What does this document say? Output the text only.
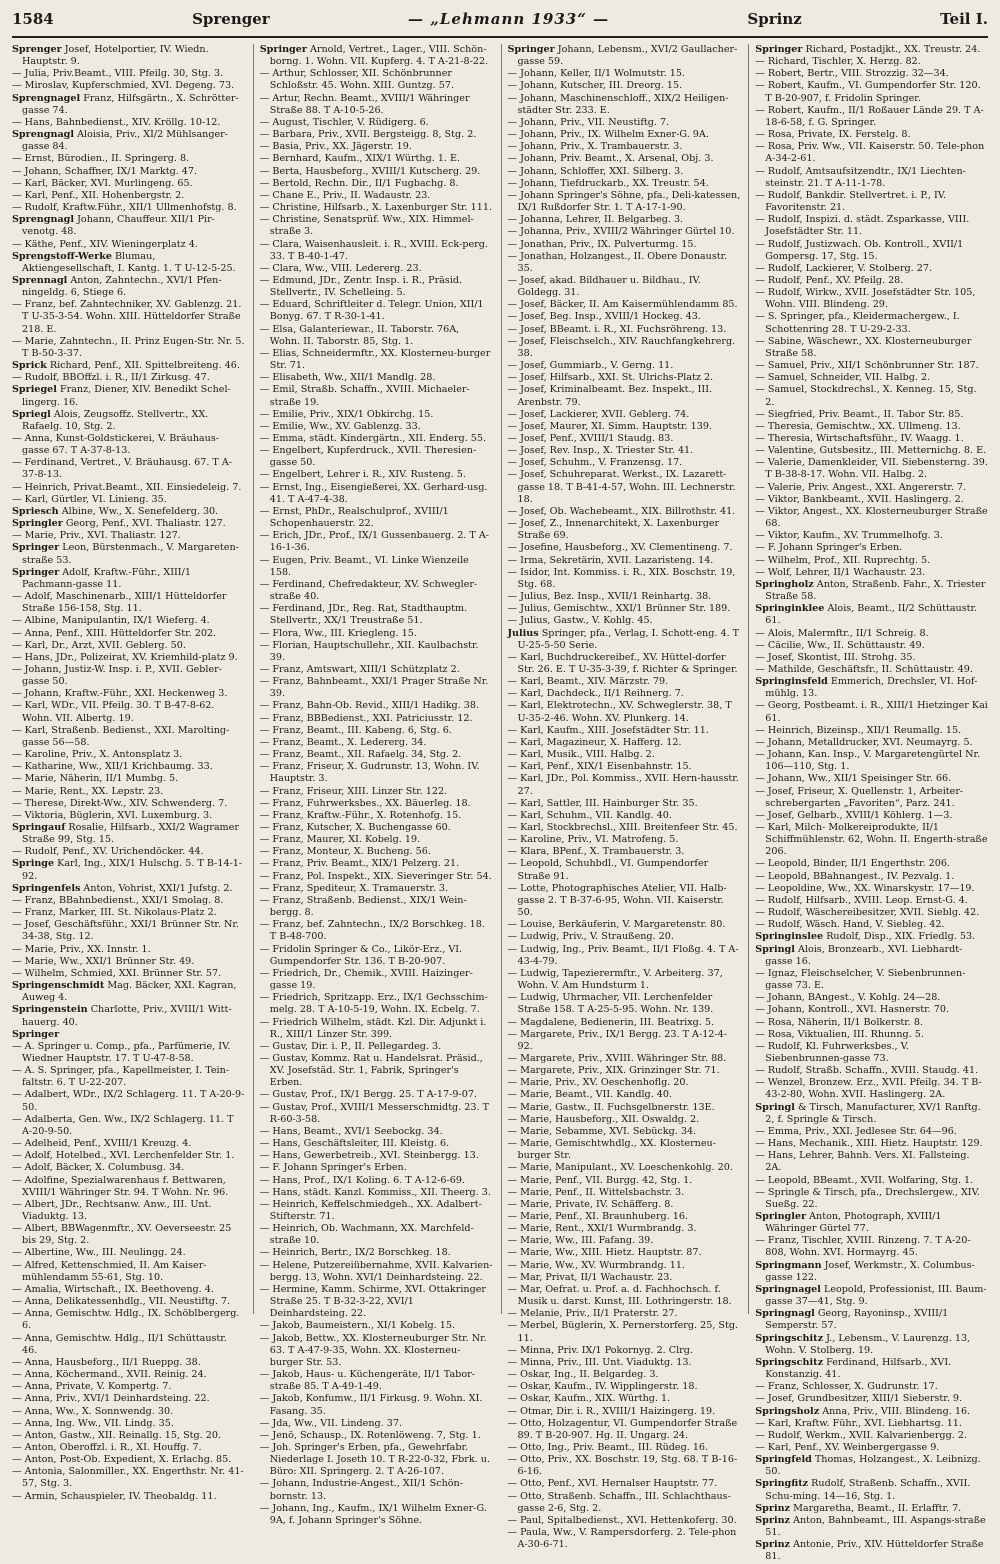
1584	Sprenger	— „Lehmann 1933“ —	Sprinz	Teil I.

Sprenger Josef, Hotelportier, IV. Wiedn. Hauptstr. 9.

— Julia, Priv.Beamt., VIII. Pfeilg. 30, Stg. 3.

— Miroslav, Kupferschmied, XVI. Degeng. 73.

Sprengnagel Franz, Hilfsgärtn., X. Schrötter-gasse 74.

— Hans, Bahnbedienst., XIV. Kröllg. 10-12.

Sprengnagl Aloisia, Priv., XI/2 Mühlsanger-gasse 84.

— Ernst, Bürodien., II. Springerg. 8.

— Johann, Schaffner, IX/1 Marktg. 47.

— Karl, Bäcker, XVI. Murlingeng. 65.

— Karl, Penf., XII. Hohenbergstr. 2.

— Rudolf, Kraftw.Führ., XII/1 Ullmenhofstg. 8.

Sprengnagl Johann, Chauffeur. XII/1 Pir-venotg. 48.

— Käthe, Penf., XIV. Wieningerplatz 4.

Sprengstoff-Werke Blumau, Aktiengesellschaft, I. Kantg. 1. T U-12-5-25.

Sprennagl Anton, Zahntechn., XVI/1 Pfen-ningeldg. 6, Stiege 6.

— Franz, bef. Zahntechniker, XV. Gablenzg. 21. T U-35-3-54. Wohn. XIII. Hütteldorfer Straße 218. E.

— Marie, Zahntechn., II. Prinz Eugen-Str. Nr. 5. T B-50-3-37.

Sprick Richard, Penf., XII. Spittelbreiteng. 46.

— Rudolf, BBOffzl. i. R., II/1 Zirkusg. 47.

Spriegel Franz, Diener, XIV. Benedikt Schel-lingerg. 16.

Spriegl Alois, Zeugsoffz. Stellvertr., XX. Rafaelg. 10, Stg. 2.

— Anna, Kunst-Goldstickerei, V. Bräuhaus-gasse 67. T A-37-8-13.

— Ferdinand, Vertret., V. Bräuhausg. 67. T A-37-8-13.

— Heinrich, Privat.Beamt., XII. Einsiedeleig. 7.

— Karl, Gürtler, VI. Linieng. 35.

Spriesch Albine, Ww., X. Senefelderg. 30.

Springler Georg, Penf., XVI. Thaliastr. 127.

— Marie, Priv., XVI. Thaliastr. 127.

Springer Leon, Bürstenmach., V. Margareten-straße 53.

Springer Adolf, Kraftw.-Führ., XIII/1 Pachmann-gasse 11.

— Adolf, Maschinenarb., XIII/1 Hütteldorfer Straße 156-158, Stg. 11.

— Albine, Manipulantin, IX/1 Wieferg. 4.

— Anna, Penf., XIII. Hütteldorfer Str. 202.

— Karl, Dr., Arzt, XVII. Geblerg. 50.

— Hans, JDr., Polizeirat, XV. Kriemhild-platz 9.

— Johann, Justiz-W. Insp. i. P., XVII. Gebler-gasse 50.

— Johann, Kraftw.-Führ., XXI. Heckenweg 3.

— Karl, WDr., VII. Pfeilg. 30. T B-47-8-62. Wohn. VII. Albertg. 19.

— Karl, Straßenb. Bedienst., XXI. Marolting-gasse 56—58.

— Karoline, Priv., X. Antonsplatz 3.

— Katharine, Ww., XII/1 Krichbaumg. 33.

— Marie, Näherin, II/1 Mumbg. 5.

— Marie, Rent., XX. Lepstr. 23.

— Therese, Direkt-Ww., XIV. Schwenderg. 7.

— Viktoria, Büglerin, XVI. Luxemburg. 3.

Springauf Rosalie, Hilfsarb., XXI/2 Wagramer Straße 99, Stg. 15.

— Rudolf, Penf., XV. Urichendöcker. 44.

Springe Karl, Ing., XIX/1 Hulschg. 5. T B-14-1-92.

Springenfels Anton, Vohrist, XXI/1 Jufstg. 2.

— Franz, BBahnbedienst., XXI/1 Smolag. 8.

— Franz, Marker, III. St. Nikolaus-Platz 2.

— Josef, Geschäftsführ., XXI/1 Brünner Str. Nr. 34-38, Stg. 12.

— Marie, Priv., XX. Innstr. 1.

— Marie, Ww., XXI/1 Brünner Str. 49.

— Wilhelm, Schmied, XXI. Brünner Str. 57.

Springenschmidt Mag. Bäcker, XXI. Kagran, Auweg 4.

Springenstein Charlotte, Priv., XVIII/1 Witt-hauerg. 40.

Springer

— A. Springer u. Comp., pfa., Parfümerie, IV. Wiedner Hauptstr. 17. T U-47-8-58.

— A. S. Springer, pfa., Kapellmeister, I. Tein-faltstr. 6. T U-22-207.

— Adalbert, WDr., IX/2 Schlagerg. 11. T A-20-9-50.

— Adalberta, Gen. Ww., IX/2 Schlagerg. 11. T A-20-9-50.

— Adelheid, Penf., XVIII/1 Kreuzg. 4.

— Adolf, Hotelbed., XVI. Lerchenfelder Str. 1.

— Adolf, Bäcker, X. Columbusg. 34.

— Adolfine, Spezialwarenhaus f. Bettwaren, XVIII/1 Währinger Str. 94. T Wohn. Nr. 96.

— Albert, JDr., Rechtsanw. Anw., III. Unt. Viaduktg. 13.

— Albert, BBWagenmftr., XV. Oeverseestr. 25 bis 29, Stg. 2.

— Albertine, Ww., III. Neulingg. 24.

— Alfred, Kettenschmied, II. Am Kaiser-mühlendamm 55-61, Stg. 10.

— Amalia, Wirtschaft., IX. Beethoveng. 4.

— Anna, Delikatessenhdlg., VII. Neustiftg. 7.

— Anna, Gemischtw. Hdlg., IX. Schöblbergerg. 6.

— Anna, Gemischtw. Hdlg., II/1 Schüttaustr. 46.

— Anna, Hausbeforg., II/1 Rueppg. 38.

— Anna, Köchermand., XVII. Reinig. 24.

— Anna, Private, V. Kompertg. 7.

— Anna, Priv., XVI/1 Deinhardsteing. 22.

— Anna, Ww., X. Sonnwendg. 30.

— Anna, Ing. Ww., VII. Lindg. 35.

— Anton, Gastw., XII. Reinallg. 15, Stg. 20.

— Anton, Oberoffzl. i. R., XI. Houffg. 7.

— Anton, Post-Ob. Expedient, X. Erlachg. 85.

— Antonia, Salonmiller., XX. Engerthstr. Nr. 41-57, Stg. 3.

— Armin, Schauspieler, IV. Theobaldg. 11.

Springer Arnold, Vertret., Lager., VIII. Schön-borng. 1. Wohn. VII. Kupferg. 4. T A-21-8-22.

— Arthur, Schlosser, XII. Schönbrunner Schloßstr. 45. Wohn. XIII. Guntzg. 57.

— Artur, Rechn. Beamt., XVIII/1 Währinger Straße 88. T A-10-5-26.

— August, Tischler, V. Rüdigerg. 6.

— Barbara, Priv., XVII. Bergsteigg. 8, Stg. 2.

— Basia, Priv., XX. Jägerstr. 19.

— Bernhard, Kaufm., XIX/1 Würthg. 1. E.

— Berta, Hausbeforg., XVIII/1 Kutscherg. 29.

— Bertold, Rechn. Dir., II/1 Fugbachg. 8.

— Chane E., Priv., II. Wadaustr. 23.

— Christine, Hilfsarb., X. Laxenburger Str. 111.

— Christine, Senatsprüf. Ww., XIX. Himmel-straße 3.

— Clara, Waisenhausleit. i. R., XVIII. Eck-perg. 33. T B-40-1-47.

— Clara, Ww., VIII. Ledererg. 23.

— Edmund, JDr., Zentr. Insp. i. R., Präsid. Stellvertr., IV. Schelleing. 5.

— Eduard, Schriftleiter d. Telegr. Union, XII/1 Bonyg. 67. T R-30-1-41.

— Elsa, Galanteriewar., II. Taborstr. 76A, Wohn. II. Taborstr. 85, Stg. 1.

— Elias, Schneidermftr., XX. Klosterneu-burger Str. 71.

— Elisabeth, Ww., XII/1 Mandlg. 28.

— Emil, Straßb. Schaffn., XVIII. Michaeler-straße 19.

— Emilie, Priv., XIX/1 Obkirchg. 15.

— Emilie, Ww., XV. Gablenzg. 33.

— Emma, städt. Kindergärtn., XII. Enderg. 55.

— Engelbert, Kupferdruck., XVII. Theresien-gasse 50.

— Engelbert, Lehrer i. R., XIV. Rusteng. 5.

— Ernst, Ing., Eisengießerei, XX. Gerhard-usg. 41. T A-47-4-38.

— Ernst, PhDr., Realschulprof., XVIII/1 Schopenhauerstr. 22.

— Erich, JDr., Prof., IX/1 Gussenbauerg. 2. T A-16-1-36.

— Eugen, Priv. Beamt., VI. Linke Wienzeile 158.

— Ferdinand, Chefredakteur, XV. Schwegler-straße 40.

— Ferdinand, JDr., Reg. Rat, Stadthauptm. Stellvertr., XX/1 Treustraße 51.

— Flora, Ww., III. Kriegleng. 15.

— Florian, Hauptschullehr., XII. Kaulbachstr. 39.

— Franz, Amtswart, XIII/1 Schützplatz 2.

— Franz, Bahnbeamt., XXI/1 Prager Straße Nr. 39.

— Franz, Bahn-Ob. Revid., XIII/1 Hadikg. 38.

— Franz, BBBedienst., XXI. Patriciusstr. 12.

— Franz, Beamt., III. Kabeng. 6, Stg. 6.

— Franz, Beamt., X. Ledererg. 34.

— Franz, Beamt., XII. Rafaelg. 34, Stg. 2.

— Franz, Friseur, X. Gudrunstr. 13, Wohn. IV. Hauptstr. 3.

— Franz, Friseur, XIII. Linzer Str. 122.

— Franz, Fuhrwerksbes., XX. Bäuerleg. 18.

— Franz, Kraftw.-Führ., X. Rotenhofg. 15.

— Franz, Kutscher, X. Buchengasse 60.

— Franz, Maurer, XI. Kobelg. 19.

— Franz, Monteur, X. Bucheng. 56.

— Franz, Priv. Beamt., XIX/1 Pelzerg. 21.

— Franz, Pol. Inspekt., XIX. Sieveringer Str. 54.

— Franz, Spediteur, X. Tramauerstr. 3.

— Franz, Straßenb. Bedienst., XIX/1 Wein-bergg. 8.

— Franz, bef. Zahntechn., IX/2 Borschkeg. 18. T B-48-700.

— Fridolin Springer & Co., Likör-Erz., VI. Gumpendorfer Str. 136. T B-20-907.

— Friedrich, Dr., Chemik., XVIII. Haizinger-gasse 19.

— Friedrich, Spritzapp. Erz., IX/1 Gechsschim-melg. 28. T A-10-5-19, Wohn. IX. Ecbelg. 7.

— Friedrich Wilhelm, städt. Kzl. Dir. Adjunkt i. R., XIII/1 Linzer Str. 399.

— Gustav, Dir. i. P., II. Pellegardeg. 3.

— Gustav, Kommz. Rat u. Handelsrat. Präsid., XV. Josefstäd. Str. 1, Fabrik, Springer's Erben.

— Gustav, Prof., IX/1 Bergg. 25. T A-17-9-07.

— Gustav, Prof., XVIII/1 Messerschmidtg. 23. T R-60-3-58.

— Hans, Beamt., XVI/1 Seebockg. 34.

— Hans, Geschäftsleiter, III. Kleistg. 6.

— Hans, Gewerbetreib., XVI. Steinbergg. 13.

— F. Johann Springer's Erben.

— Hans, Prof., IX/1 Koling. 6. T A-12-6-69.

— Hans, städt. Kanzl. Kommiss., XII. Theerg. 3.

— Heinrich, Keffelschmiedgeh., XX. Adalbert-Stifterstr. 71.

— Heinrich, Ob. Wachmann, XX. Marchfeld-straße 10.

— Heinrich, Bertr., IX/2 Borschkeg. 18.

— Helene, Putzereiübernahme, XVII. Kalvarien-bergg. 13, Wohn. XVI/1 Deinhardsteing. 22.

— Hermine, Kamm. Schirme, XVI. Ottakringer Straße 25. T B-32-3-22, XVI/1 Deinhardsteing. 22.

— Jakob, Baumeistern., XI/1 Kobelg. 15.

— Jakob, Bettw., XX. Klosterneuburger Str. Nr. 63. T A-47-9-35, Wohn. XX. Klosterneu-burger Str. 53.

— Jakob, Haus- u. Küchengeräte, II/1 Tabor-straße 85. T A-49-1-49.

— Jakob, Konfumw., II/1 Firkusg. 9. Wohn. XI. Fasang. 35.

— Jda, Ww., VII. Lindeng. 37.

— Jenö, Schausp., IX. Rotenlöweng. 7, Stg. 1.

— Joh. Springer's Erben, pfa., Gewehrfabr. Niederlage I. Joseth 10. T R-22-0-32, Fbrk. u. Büro: XII. Springerg. 2. T A-26-107.

— Johann, Industrie-Angest., XII/1 Schön-bornstr. 13.

— Johann, Ing., Kaufm., IX/1 Wilhelm Exner-G. 9A, f. Johann Springer's Söhne.

Springer Johann, Lebensm., XVI/2 Gaullacher-gasse 59.

— Johann, Keller, II/1 Wolmutstr. 15.

— Johann, Kutscher, III. Dreorg. 15.

— Johann, Maschinenschloff., XIX/2 Heiligen-städter Str. 233. E.

— Johann, Priv., VII. Neustiftg. 7.

— Johann, Priv., IX. Wilhelm Exner-G. 9A.

— Johann, Priv., X. Trambauerstr. 3.

— Johann, Priv. Beamt., X. Arsenal, Obj. 3.

— Johann, Schloffer, XXI. Silberg. 3.

— Johann, Tiefdruckarb., XX. Treustr. 54.

— Johann Springer's Söhne, pfa., Deli-katessen, IX/1 Rußdorfer Str. 1. T A-17-1-90.

— Johanna, Lehrer, II. Belgarbeg. 3.

— Johanna, Priv., XVIII/2 Währinger Gürtel 10.

— Jonathan, Priv., IX. Pulverturmg. 15.

— Jonathan, Holzangest., II. Obere Donaustr. 35.

— Josef, akad. Bildhauer u. Bildhau., IV. Goldegg. 31.

— Josef, Bäcker, II. Am Kaisermühlendamm 85.

— Josef, Beg. Insp., XVIII/1 Hockeg. 43.

— Josef, BBeamt. i. R., XI. Fuchsröhreng. 13.

— Josef, Fleischselch., XIV. Rauchfangkehrerg. 38.

— Josef, Gummiarb., V. Gerng. 11.

— Josef, Hilfsarb., XXI. St. Ulrichs-Platz 2.

— Josef, Kriminalbeamt. Bez. Inspekt., III. Arenbstr. 79.

— Josef, Lackierer, XVII. Geblerg. 74.

— Josef, Maurer, XI. Simm. Hauptstr. 139.

— Josef, Penf., XVIII/1 Staudg. 83.

— Josef, Rev. Insp., X. Triester Str. 41.

— Josef, Schuhm., V. Franzensg. 17.

— Josef, Schuhreparat. Werkst., IX. Lazarett-gasse 18. T B-41-4-57, Wohn. III. Lechnerstr. 18.

— Josef, Ob. Wachebeamt., XIX. Billrothstr. 41.

— Josef, Z., Innenarchitekt, X. Laxenburger Straße 69.

— Josefine, Hausbeforg., XV. Clementineng. 7.

— Irma, Sekretärin, XVII. Lazaristeng. 14.

— Isidor, Int. Kommiss. i. R., XIX. Boschstr. 19, Stg. 68.

— Julius, Bez. Insp., XVII/1 Reinhartg. 38.

— Julius, Gemischtw., XXI/1 Brünner Str. 189.

— Julius, Gastw., V. Kohlg. 45.

Julius Springer, pfa., Verlag, I. Schott-eng. 4. T U-25-5-50 Serie.

— Karl, Buchdruckereibef., XV. Hüttel-dorfer Str. 26. E. T U-35-3-39, f. Richter & Springer.

— Karl, Beamt., XIV. Märzstr. 79.

— Karl, Dachdeck., II/1 Reihnerg. 7.

— Karl, Elektrotechn., XV. Schweglerstr. 38, T U-35-2-46. Wohn. XV. Plunkerg. 14.

— Karl, Kaufm., XIII. Josefstädter Str. 11.

— Karl, Magazineur, X. Hafferg. 12.

— Karl, Musik., VIII. Halbg. 2.

— Karl, Penf., XIX/1 Eisenbahnstr. 15.

— Karl, JDr., Pol. Kommiss., XVII. Hern-hausstr. 27.

— Karl, Sattler, III. Hainburger Str. 35.

— Karl, Schuhm., VII. Kandlg. 40.

— Karl, Stockbrechsl., XIII. Breitenfeer Str. 45.

— Karoline, Priv., VI. Matrofeng. 5.

— Klara, BPenf., X. Trambauerstr. 3.

— Leopold, Schuhbdl., VI. Gumpendorfer Straße 91.

— Lotte, Photographisches Atelier, VII. Halb-gasse 2. T B-37-6-95, Wohn. VII. Kaiserstr. 50.

— Louise, Berkäuferin, V. Margaretenstr. 80.

— Ludwig, Priv., V. Straußeng. 20.

— Ludwig, Ing., Priv. Beamt., II/1 Floßg. 4. T A-43-4-79.

— Ludwig, Tapezierermftr., V. Arbeiterg. 37, Wohn. V. Am Hundsturm 1.

— Ludwig, Uhrmacher, VII. Lerchenfelder Straße 158. T A-25-5-95. Wohn. Nr. 139.

— Magdalene, Bedienerin, III. Beatrixg. 5.

— Margarete, Priv., IX/1 Bergg. 23. T A-12-4-92.

— Margarete, Priv., XVIII. Währinger Str. 88.

— Margarete, Priv., XIX. Grinzinger Str. 71.

— Marie, Priv., XV. Oeschenhoflg. 20.

— Marie, Beamt., VII. Kandlg. 40.

— Marie, Gastw., II. Fuchsgelbnerstr. 13E.

— Marie, Hausbeforg., XII. Oswaldg. 2.

— Marie, Sebamme, XVI. Sebückg. 34.

— Marie, Gemischtwhdlg., XX. Klosterneu-burger Str.

— Marie, Manipulant., XV. Loeschenkohlg. 20.

— Marie, Penf., VII. Burgg. 42, Stg. 1.

— Marie, Penf., II. Wittelsbachstr. 3.

— Marie, Private, IV. Schäfferg. 8.

— Marie, Penf., XI. Braunhuberg. 16.

— Marie, Rent., XXI/1 Wurmbrandg. 3.

— Marie, Ww., III. Fafang. 39.

— Marie, Ww., XIII. Hietz. Hauptstr. 87.

— Marie, Ww., XV. Wurmbrandg. 11.

— Mar, Privat, II/1 Wachaustr. 23.

— Mar, Oefrat. u. Prof. a. d. Fachhochsch. f. Musik u. darst. Kunst, III. Lothringerstr. 18.

— Melanie, Priv., II/1 Praterstr. 27.

— Merbel, Büglerin, X. Pernerstorferg. 25, Stg. 11.

— Minna, Priv. IX/1 Pokornyg. 2. Clrg.

— Minna, Priv., III. Unt. Viaduktg. 13.

— Oskar, Ing., II. Belgardeg. 3.

— Oskar, Kaufm., IV. Wipplingerstr. 18.

— Oskar, Kaufm., XIX. Würthg. 1.

— Otmar, Dir. i. R., XVIII/1 Haizingerg. 19.

— Otto, Holzagentur, VI. Gumpendorfer Straße 89. T B-20-907. Hg. II. Ungarg. 24.

— Otto, Ing., Priv. Beamt., III. Rüdeg. 16.

— Otto, Priv., XX. Boschstr. 19, Stg. 68. T B-16-6-16.

— Otto, Penf., XVI. Hernalser Hauptstr. 77.

— Otto, Straßenb. Schaffn., III. Schlachthaus-gasse 2-6, Stg. 2.

— Paul, Spitalbedienst., XVI. Hettenkoferg. 30.

— Paula, Ww., V. Rampersdorferg. 2. Tele-phon A-30-6-71.

Springer Richard, Postadjkt., XX. Treustr. 24.

— Richard, Tischler, X. Herzg. 82.

— Robert, Bertr., VIII. Strozzig. 32—34.

— Robert, Kaufm., VI. Gumpendorfer Str. 120. T B-20-907, f. Fridolin Springer.

— Robert, Kaufm., II/1 Roßauer Lände 29. T A-18-6-58, f. G. Springer.

— Rosa, Private, IX. Ferstelg. 8.

— Rosa, Priv. Ww., VII. Kaiserstr. 50. Tele-phon A-34-2-61.

— Rudolf, Amtsaufsitzendtr., IX/1 Liechten-steinstr. 21. T A-11-1-78.

— Rudolf, Bankdir. Stellvertret. i. P., IV. Favoritenstr. 21.

— Rudolf, Inspizi. d. städt. Zsparkasse, VIII. Josefstädter Str. 11.

— Rudolf, Justizwach. Ob. Kontroll., XVII/1 Gompersg. 17, Stg. 15.

— Rudolf, Lackierer, V. Stolberg. 27.

— Rudolf, Penf., XV. Pfeilg. 28.

— Rudolf, Wirkw., XVII. Josefstädter Str. 105, Wohn. VIII. Blindeng. 29.

— S. Springer, pfa., Kleidermachergew., I. Schottenring 28. T U-29-2-33.

— Sabine, Wäschewr., XX. Klosterneuburger Straße 58.

— Samuel, Priv., XII/1 Schönbrunner Str. 187.

— Samuel, Schneider, VII. Halbg. 2.

— Samuel, Stockdrechsl., X. Kenneg. 15, Stg. 2.

— Siegfried, Priv. Beamt., II. Tabor Str. 85.

— Theresia, Gemischtw., XX. Ullmeng. 13.

— Theresia, Wirtschaftsführ., IV. Waagg. 1.

— Valentine, Gutsbesitz., III. Metternichg. 8. E.

— Valerie, Damenkleider, VII. Siebensterng. 39. T B-38-8-17. Wohn. VII. Halbg. 2.

— Valerie, Priv. Angest., XXI. Angererstr. 7.

— Viktor, Bankbeamt., XVII. Haslingerg. 2.

— Viktor, Angest., XX. Klosterneuburger Straße 68.

— Viktor, Kaufm., XV. Trummelhofg. 3.

— F. Johann Springer's Erben.

— Wilhelm, Prof., XII. Ruprechtg. 5.

— Wolf, Lehrer, II/1 Wachaustr. 23.

Springholz Anton, Straßenb. Fahr., X. Triester Straße 58.

Springinklee Alois, Beamt., II/2 Schüttaustr. 61.

— Alois, Malermftr., II/1 Schreig. 8.

— Cäcilie, Ww., II. Schüttaustr. 49.

— Josef, Skontist, III. Strohg. 35.

— Mathilde, Geschäftsfr., II. Schüttaustr. 49.

Springinsfeld Emmerich, Drechsler, VI. Hof-mühlg. 13.

— Georg, Postbeamt. i. R., XIII/1 Hietzinger Kai 61.

— Heinrich, Bizeinsp., XII/1 Reumallg. 15.

— Johann, Metalldrucker, XVI. Neumayrg. 5.

— Johann, Kan. Insp., V. Margaretengürtel Nr. 106—110, Stg. 1.

— Johann, Ww., XII/1 Speisinger Str. 66.

— Josef, Friseur, X. Quellenstr. 1, Arbeiter-schrebergarten „Favoriten“, Parz. 241.

— Josef, Gelbarb., XVIII/1 Köhlerg. 1—3.

— Karl, Milch- Molkereiprodukte, II/1 Schiffmühlenstr. 62, Wohn. II. Engerth-straße 206.

— Leopold, Binder, II/1 Engerthstr. 206.

— Leopold, BBahnangest., IV. Pezvalg. 1.

— Leopoldine, Ww., XX. Winarskystr. 17—19.

— Rudolf, Hilfsarb., XVIII. Leop. Ernst-G. 4.

— Rudolf, Wäschereibesitzer, XVII. Sieblg. 42.

— Rudolf, Wäsch. Hand, V. Siebleg. 42.

Springinslee Rudolf, Disp., XIX. Friedlg. 53.

Springl Alois, Bronzearb., XVI. Liebhardt-gasse 16.

— Ignaz, Fleischselcher, V. Siebenbrunnen-gasse 73. E.

— Johann, BAngest., V. Kohlg. 24—28.

— Johann, Kontroll., XVI. Hasnerstr. 70.

— Rosa, Näherin, II/1 Bolkerstr. 8.

— Rosa, Viktualien, III. Rhunng. 5.

— Rudolf, Kl. Fuhrwerksbes., V. Siebenbrunnen-gasse 73.

— Rudolf, Straßb. Schaffn., XVIII. Staudg. 41.

— Wenzel, Bronzew. Erz., XVII. Pfeilg. 34. T B-43-2-80, Wohn. XVII. Haslingerg. 2A.

Springl & Tirsch, Manufacturer, XV/1 Ranftg. 2, f. Springle & Tirsch.

— Emma, Priv., XXI. Jedlesee Str. 64—96.

— Hans, Mechanik., XIII. Hietz. Hauptstr. 129.

— Hans, Lehrer, Bahnh. Vers. XI. Fallsteing. 2A.

— Leopold, BBeamt., XVII. Wolfaring, Stg. 1.

— Springle & Tirsch, pfa., Drechslergew., XIV. Sueßg. 22.

Springler Anton, Photograph, XVIII/1 Währinger Gürtel 77.

— Franz, Tischler, XVIII. Rinzeng. 7. T A-20-808, Wohn. XVI. Hormayrg. 45.

Springmann Josef, Werkmstr., X. Columbus-gasse 122.

Springnagel Leopold, Professionist, III. Baum-gasse 37—41, Stg. 9.

Springnagl Georg, Rayoninsp., XVIII/1 Semperstr. 57.

Springschitz J., Lebensm., V. Laurenzg. 13, Wohn. V. Stolberg. 19.

Springschitz Ferdinand, Hilfsarb., XVI. Konstanzig. 41.

— Franz, Schlosser, X. Gudrunstr. 17.

— Josef, Grundbesitzer, XIII/1 Sieberstr. 9.

Springsholz Anna, Priv., VIII. Blindeng. 16.

— Karl, Kraftw. Führ., XVI. Liebhartsg. 11.

— Rudolf, Werkm., XVII. Kalvarienbergg. 2.

— Karl, Penf., XV. Weinbergergasse 9.

Springfeld Thomas, Holzangest., X. Leibnizg. 50.

Springfitz Rudolf, Straßenb. Schaffn., XVII. Schu-ming. 14—16, Stg. 1.

Sprinz Margaretha, Beamt., II. Erlafftr. 7.

Sprinz Anton, Bahnbeamt., III. Aspangs-straße 51.

Sprinz Antonie, Priv., XIV. Hütteldorfer Straße 81.
